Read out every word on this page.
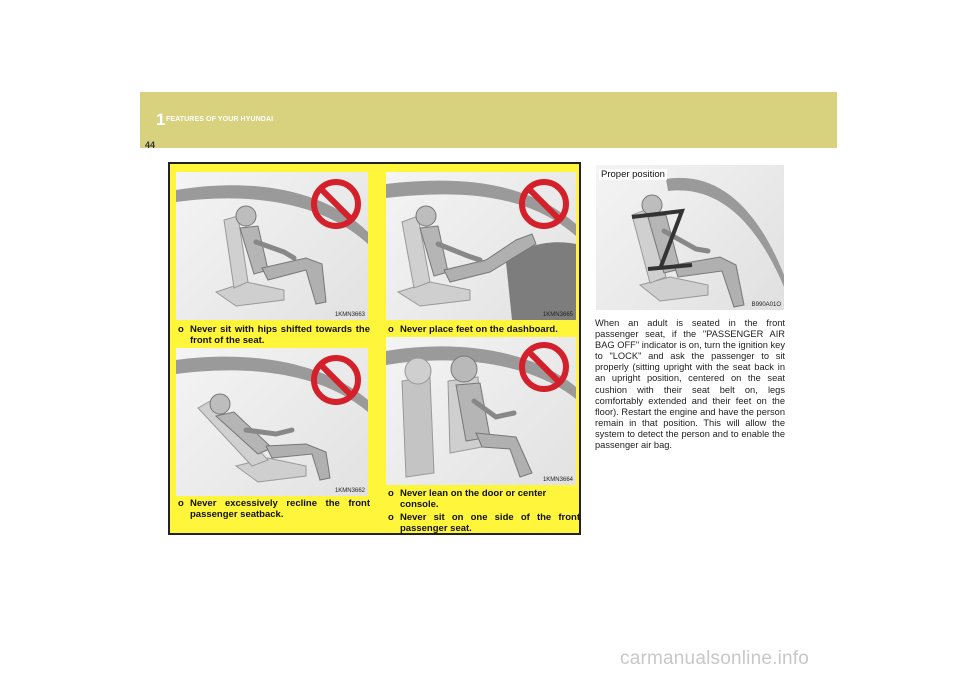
1 FEATURES OF YOUR HYUNDAI
44
1KMN3663	1KMN3665
o Never sit with hips shifted towards the front of the seat.
o Never place feet on the dashboard.
1KMN3662
1KMN3664
o Never excessively recline the front passenger seatback.
o Never lean on the door or center console.
o Never sit on one side of the front passenger seat.
Proper position
B990A01O
When an adult is seated in the front passenger seat, if the "PASSENGER AIR BAG OFF" indicator is on, turn the ignition key to "LOCK" and ask the passenger to sit properly (sitting upright with the seat back in an upright position, centered on the seat cushion with their seat belt on, legs comfortably extended and their feet on the floor). Restart the engine and have the person remain in that position. This will allow the system to detect the person and to enable the passenger air bag.
carmanualsonline.info
